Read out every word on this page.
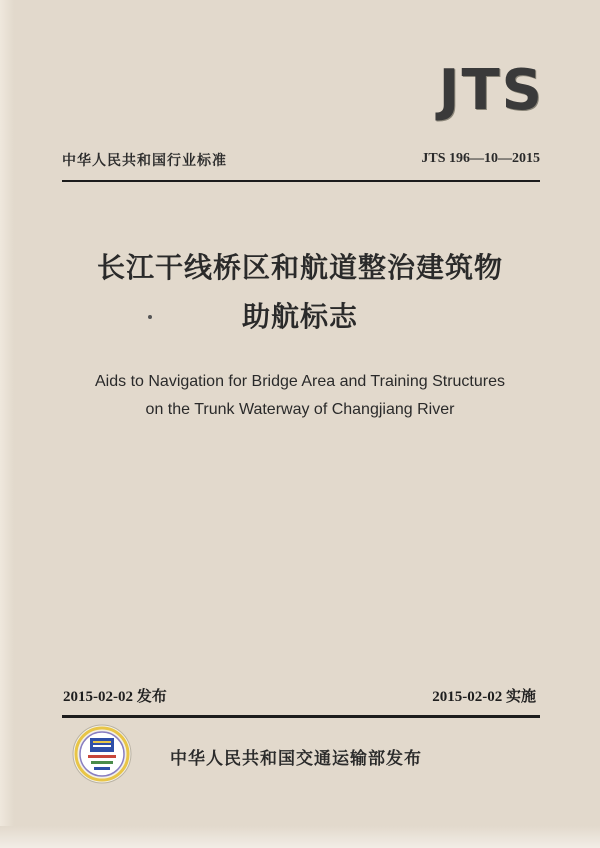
JTS
中华人民共和国行业标准	JTS 196—10—2015
长江干线桥区和航道整治建筑物
助航标志
Aids to Navigation for Bridge Area and Training Structures
on the Trunk Waterway of Changjiang River
2015-02-02 发布	2015-02-02 实施
中华人民共和国交通运输部发布
